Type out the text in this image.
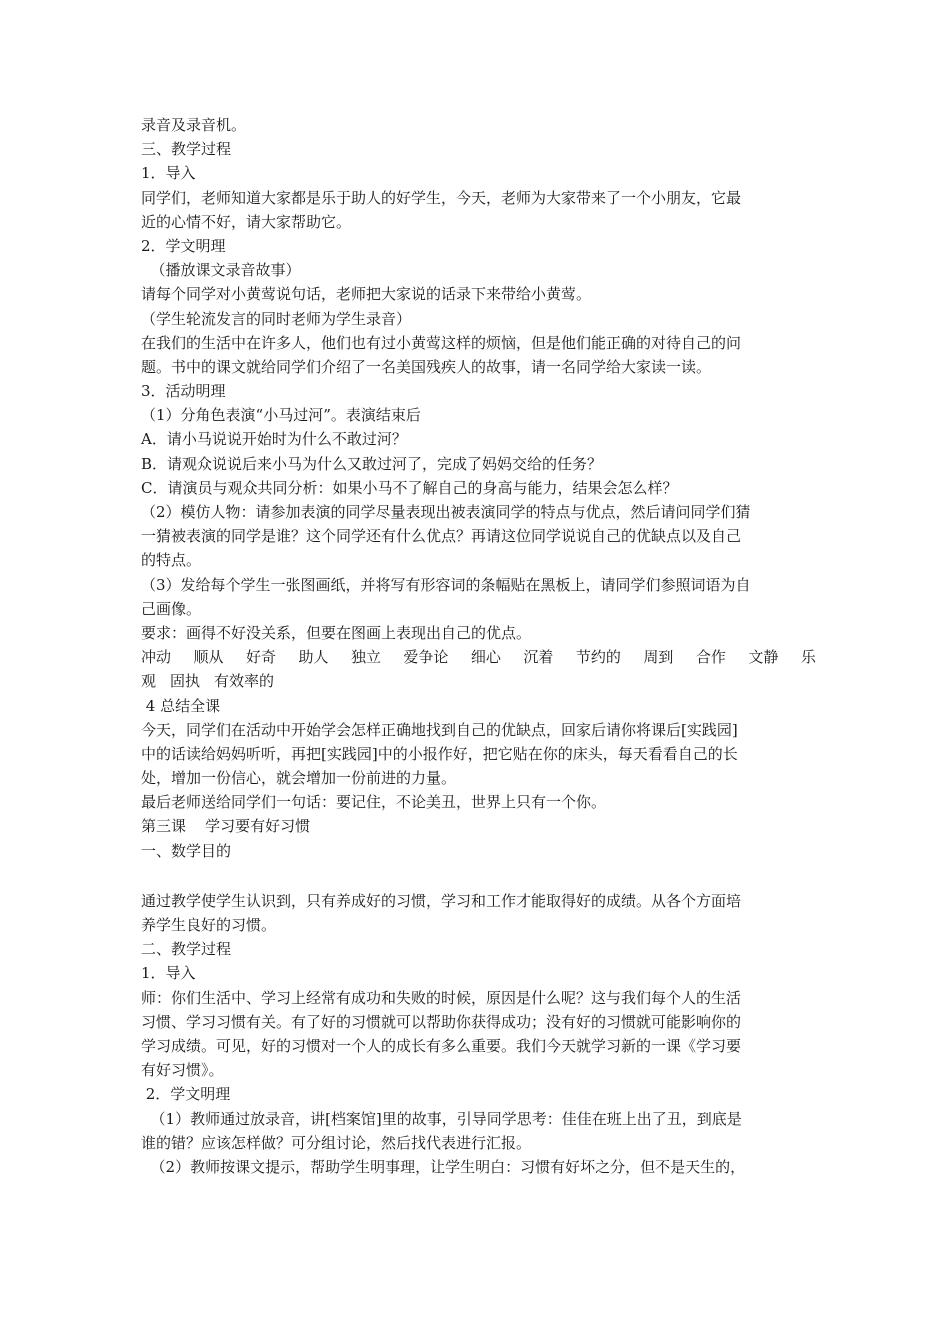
录音及录音机。
三、教学过程
1．导入
同学们，老师知道大家都是乐于助人的好学生，今天，老师为大家带来了一个小朋友，它最
近的心情不好，请大家帮助它。
2．学文明理
（播放课文录音故事）
请每个同学对小黄莺说句话，老师把大家说的话录下来带给小黄莺。
（学生轮流发言的同时老师为学生录音）
在我们的生活中在许多人，他们也有过小黄莺这样的烦恼，但是他们能正确的对待自己的问
题。书中的课文就给同学们介绍了一名美国残疾人的故事，请一名同学给大家读一读。
3．活动明理
（1）分角色表演“小马过河”。表演结束后
A．请小马说说开始时为什么不敢过河？
B．请观众说说后来小马为什么又敢过河了，完成了妈妈交给的任务？
C．请演员与观众共同分析：如果小马不了解自己的身高与能力，结果会怎么样？
（2）模仿人物：请参加表演的同学尽量表现出被表演同学的特点与优点，然后请问同学们猜
一猜被表演的同学是谁？这个同学还有什么优点？再请这位同学说说自己的优缺点以及自己
的特点。
（3）发给每个学生一张图画纸，并将写有形容词的条幅贴在黑板上，请同学们参照词语为自
己画像。
要求：画得不好没关系，但要在图画上表现出自己的优点。
冲动 顺从 好奇 助人 独立 爱争论 细心 沉着 节约的 周到 合作 文静 乐
观 固执 有效率的
4 总结全课
今天，同学们在活动中开始学会怎样正确地找到自己的优缺点，回家后请你将课后[实践园]
中的话读给妈妈听听，再把[实践园]中的小报作好，把它贴在你的床头，每天看看自己的长
处，增加一份信心，就会增加一份前进的力量。
最后老师送给同学们一句话：要记住，不论美丑，世界上只有一个你。
第三课    学习要有好习惯
一、数学目的
通过教学使学生认识到，只有养成好的习惯，学习和工作才能取得好的成绩。从各个方面培
养学生良好的习惯。
二、教学过程
1．导入
师：你们生活中、学习上经常有成功和失败的时候，原因是什么呢？这与我们每个人的生活
习惯、学习习惯有关。有了好的习惯就可以帮助你获得成功；没有好的习惯就可能影响你的
学习成绩。可见，好的习惯对一个人的成长有多么重要。我们今天就学习新的一课《学习要
有好习惯》。
2．学文明理
（1）教师通过放录音，讲[档案馆]里的故事，引导同学思考：佳佳在班上出了丑，到底是
谁的错？应该怎样做？可分组讨论，然后找代表进行汇报。
（2）教师按课文提示，帮助学生明事理，让学生明白：习惯有好坏之分，但不是天生的，
